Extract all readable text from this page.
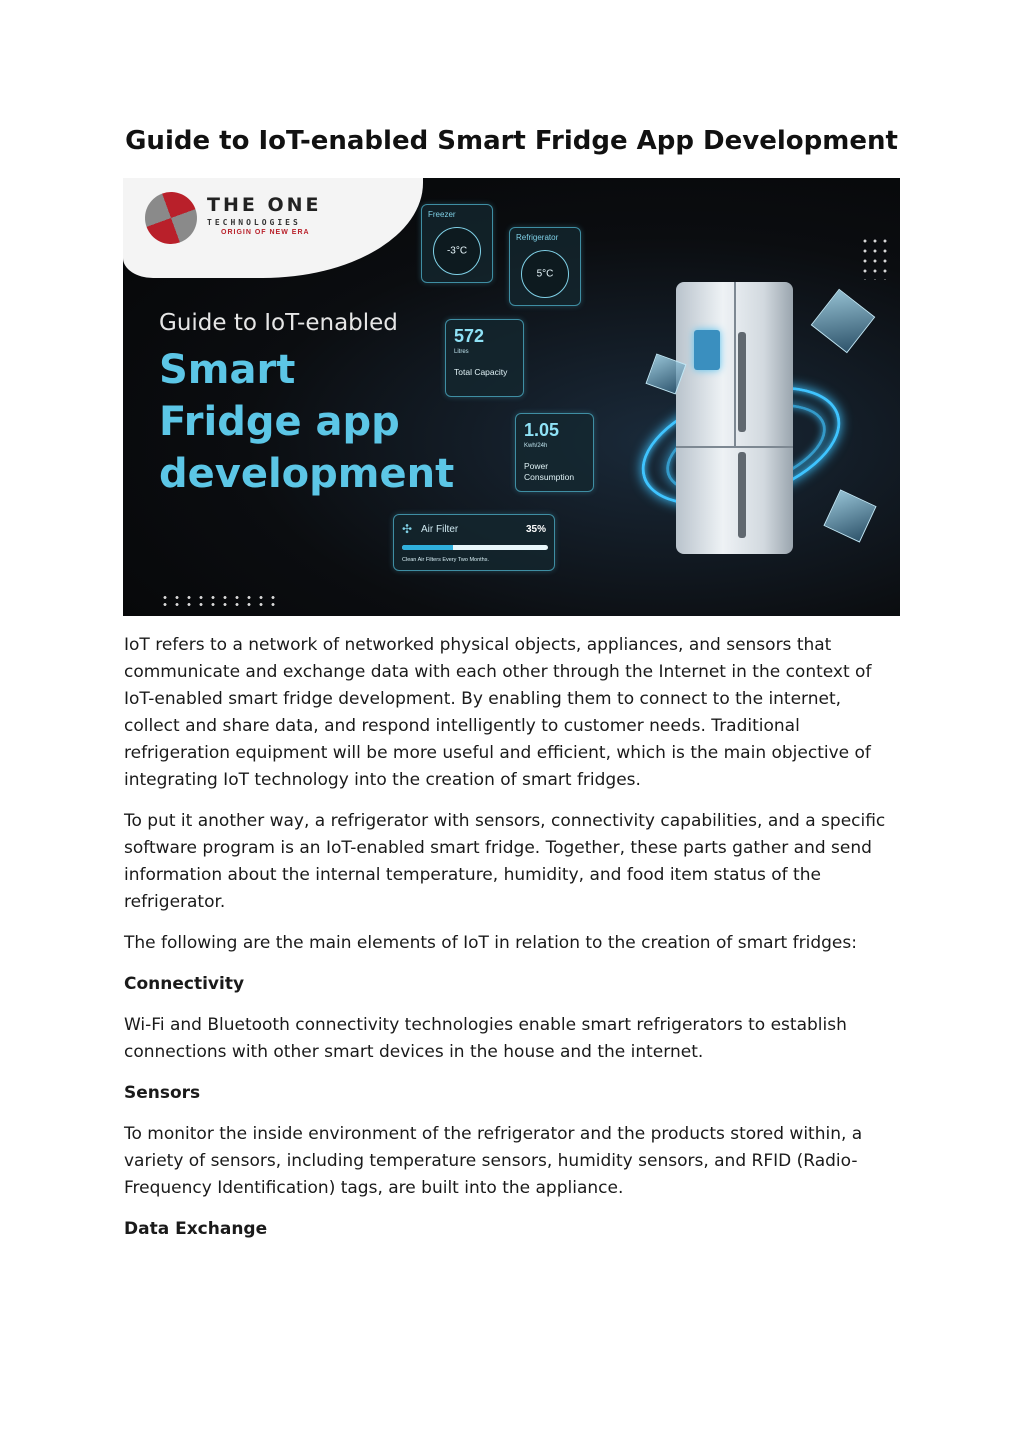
Guide to IoT-enabled Smart Fridge App Development
THE ONE
TECHNOLOGIES
ORIGIN OF NEW ERA
Guide to IoT-enabled
Smart
Fridge app
development
Freezer
-3°C
Refrigerator
5°C
572
Litres
Total Capacity
1.05
Kwh/24h
Power Consumption
✣ Air Filter	35%
Clean Air Filters Every Two Months.

IoT refers to a network of networked physical objects, appliances, and sensors that communicate and exchange data with each other through the Internet in the context of IoT-enabled smart fridge development. By enabling them to connect to the internet, collect and share data, and respond intelligently to customer needs. Traditional refrigeration equipment will be more useful and efficient, which is the main objective of integrating IoT technology into the creation of smart fridges.

To put it another way, a refrigerator with sensors, connectivity capabilities, and a specific software program is an IoT-enabled smart fridge. Together, these parts gather and send information about the internal temperature, humidity, and food item status of the refrigerator.

The following are the main elements of IoT in relation to the creation of smart fridges:

Connectivity

Wi-Fi and Bluetooth connectivity technologies enable smart refrigerators to establish connections with other smart devices in the house and the internet.

Sensors

To monitor the inside environment of the refrigerator and the products stored within, a variety of sensors, including temperature sensors, humidity sensors, and RFID (Radio-Frequency Identification) tags, are built into the appliance.

Data Exchange
